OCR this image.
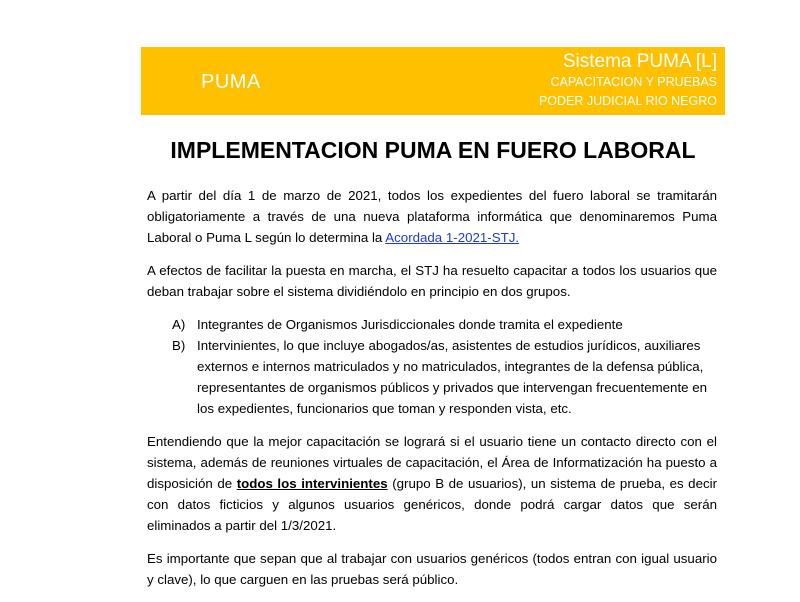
PUMA
Sistema PUMA [L]
CAPACITACION Y PRUEBAS
PODER JUDICIAL RIO NEGRO
IMPLEMENTACION PUMA EN FUERO LABORAL

A partir del día 1 de marzo de 2021, todos los expedientes del fuero laboral se tramitarán obligatoriamente a través de una nueva plataforma informática que denominaremos Puma Laboral o Puma L según lo determina la Acordada 1-2021-STJ.

A efectos de facilitar la puesta en marcha, el STJ ha resuelto capacitar a todos los usuarios que deban trabajar sobre el sistema dividiéndolo en principio en dos grupos.

A) Integrantes de Organismos Jurisdiccionales donde tramita el expediente
B) Intervinientes, lo que incluye abogados/as, asistentes de estudios jurídicos, auxiliares externos e internos matriculados y no matriculados, integrantes de la defensa pública, representantes de organismos públicos y privados que intervengan frecuentemente en los expedientes, funcionarios que toman y responden vista, etc.

Entendiendo que la mejor capacitación se logrará si el usuario tiene un contacto directo con el sistema, además de reuniones virtuales de capacitación, el Área de Informatización ha puesto a disposición de todos los intervinientes (grupo B de usuarios), un sistema de prueba, es decir con datos ficticios y algunos usuarios genéricos, donde podrá cargar datos que serán eliminados a partir del 1/3/2021.

Es importante que sepan que al trabajar con usuarios genéricos (todos entran con igual usuario y clave), lo que carguen en las pruebas será público.
